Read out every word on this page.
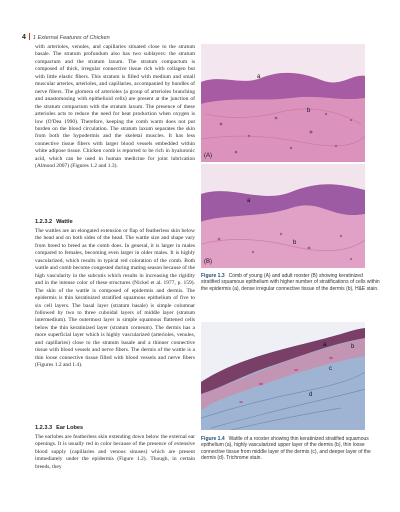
4 1 External Features of Chicken

with arterioles, venules, and capillaries situated close to the stratum basale. The stratum profundum also has two sublayers: the stratum compactum and the stratum laxum. The stratum compactum is composed of thick, irregular connective tissue rich with collagen but with little elastic fibers. This stratum is filled with medium and small muscular arteries, arterioles, and capillaries, accompanied by bundles of nerve fibers. The glomera of arterioles (a group of arterioles branching and anastomosing with epithelioid cells) are present at the junction of the stratum compactum with the stratum laxum. The presence of these arterioles acts to reduce the need for heat production when oxygen is low (O'Dea 1990). Therefore, keeping the comb warm does not put burden on the blood circulation. The stratum laxum separates the skin from both the hypodermis and the skeletal muscles. It has less connective tissue fibers with larger blood vessels embedded within white adipose tissue. Chicken comb is reported to be rich in hyaluronic acid, which can be used in human medicine for joint lubrication (Almond 2007) (Figures 1.2 and 1.3).

1.2.3.2 Wattle

The wattles are an elongated extension or flap of featherless skin below the head and on both sides of the head. The wattle size and shape vary from breed to breed as the comb does. In general, it is larger in males compared to females, becoming even larger in older males. It is highly vascularized, which results in typical red coloration of the comb. Both wattle and comb become congested during mating season because of the high vascularity in the subcutis which results in increasing the rigidity and in the intense color of these structures (Nickel et al. 1977, p. 159). The skin of the wattle is composed of epidermis and dermis. The epidermis is thin keratinized stratified squamous epithelium of five to six cell layers. The basal layer (stratum basale) is simple columnar followed by two to three cuboidal layers of middle layer (stratum intermedium). The outermost layer is simple squamous flattened cells below the thin keratinized layer (stratum corneum). The dermis has a more superficial layer which is highly vascularized (arterioles, venules, and capillaries) close to the stratum basale and a thinner connective tissue with blood vessels and nerve fibers. The dermis of the wattle is a thin loose connective tissue filled with blood vessels and nerve fibers (Figures 1.2 and 1.4).

1.2.3.3 Ear Lobes

The earlobes are featherless skin extending down below the external ear openings. It is usually red in color because of the presence of extensive blood supply (capillaries and venous sinuses) which are present immediately under the epidermis (Figure 1.2). Though, in certain breeds, they

(A)
a
b
(B)
a
b
Figure 1.3 Comb of young (A) and adult rooster (B) showing keratinized stratified squamous epithelium with higher number of stratifications of cells within the epidermis (a), dense irregular connective tissue of the dermis (b), H&E stain.
a	b
c
d
Figure 1.4 Wattle of a rooster showing thin keratinized stratified squamous epithelium (a), highly vascularized upper layer of the dermis (b), thin loose connective tissue from middle layer of the dermis (c), and deeper layer of the dermis (d). Trichrome stain.
